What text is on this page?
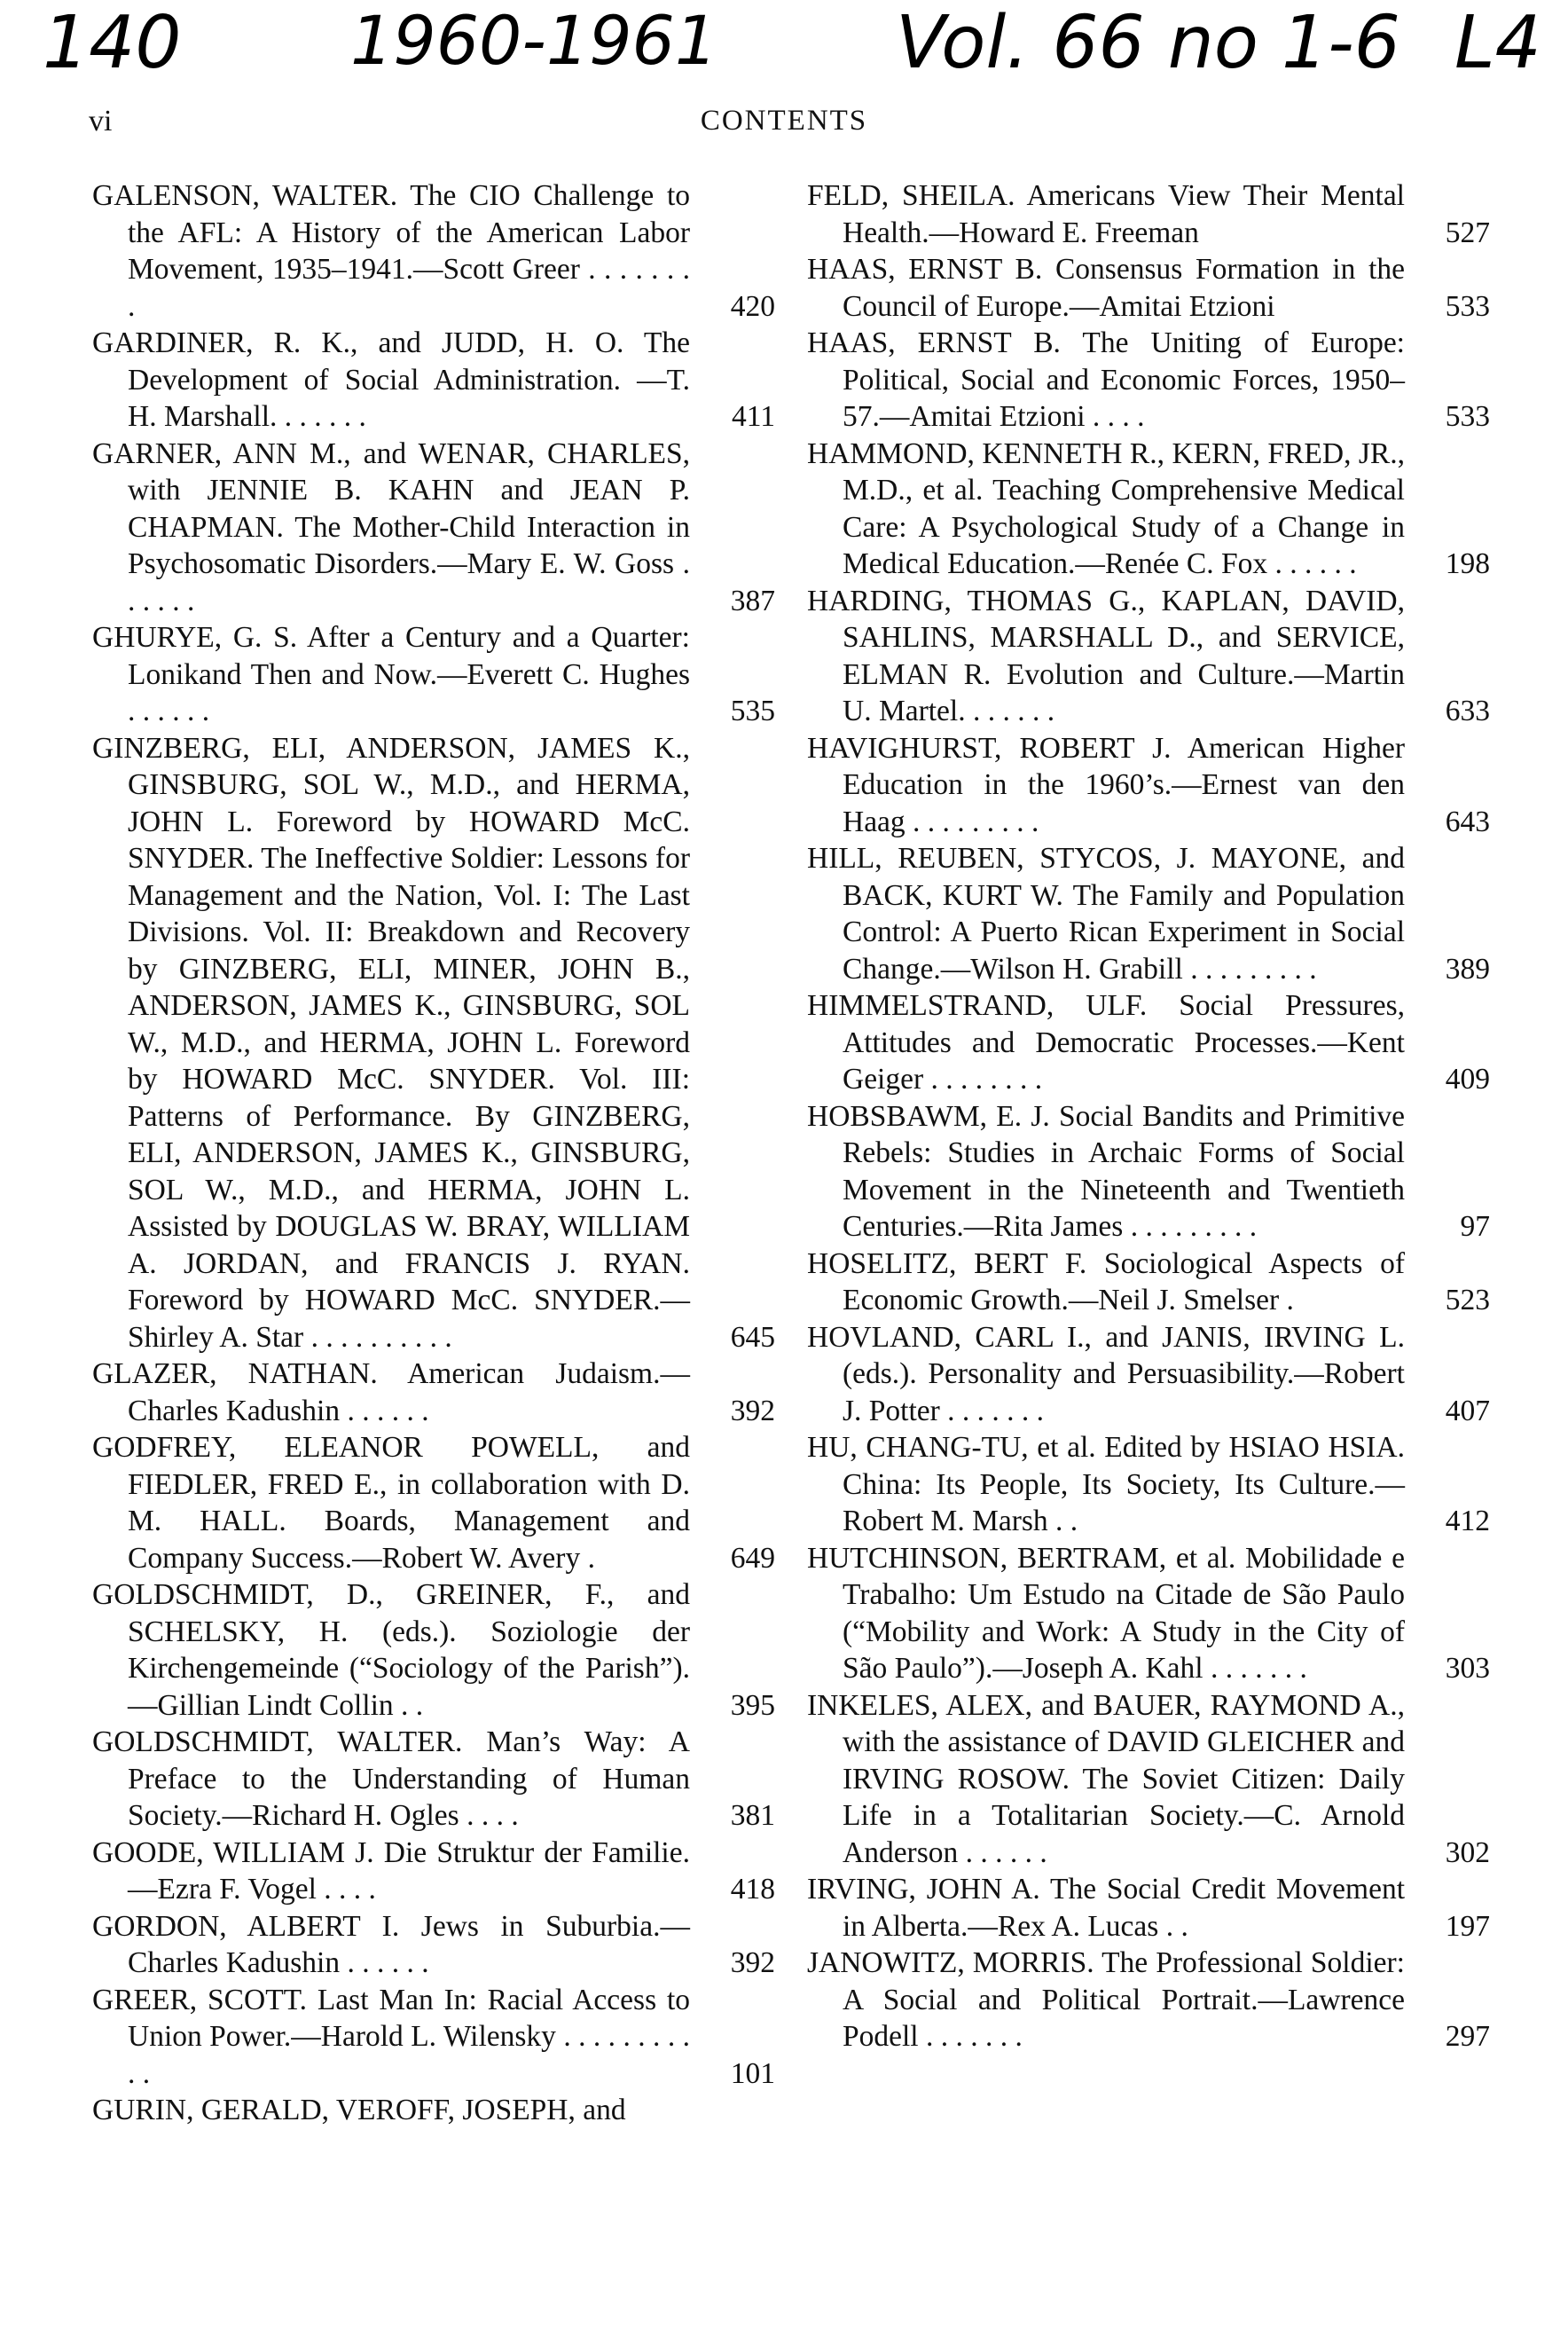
140	1960-1961 Vol. 66 no 1-6 L4
vi	CONTENTS
GALENSON, WALTER. The CIO Challenge to the AFL: A History of the American Labor Movement, 1935–1941.—Scott Greer . . . . . . . .	420
GARDINER, R. K., and JUDD, H. O. The Development of Social Administration. —T. H. Marshall. . . . . . .	411
GARNER, ANN M., and WENAR, CHARLES, with JENNIE B. KAHN and JEAN P. CHAPMAN. The Mother-Child Interaction in Psychosomatic Disorders.—Mary E. W. Goss . . . . . .	387
GHURYE, G. S. After a Century and a Quarter: Lonikand Then and Now.—Everett C. Hughes . . . . . .	535
GINZBERG, ELI, ANDERSON, JAMES K., GINSBURG, SOL W., M.D., and HERMA, JOHN L. Foreword by HOWARD McC. SNYDER. The Ineffective Soldier: Lessons for Management and the Nation, Vol. I: The Last Divisions. Vol. II: Breakdown and Recovery by GINZBERG, ELI, MINER, JOHN B., ANDERSON, JAMES K., GINSBURG, SOL W., M.D., and HERMA, JOHN L. Foreword by HOWARD McC. SNYDER. Vol. III: Patterns of Performance. By GINZBERG, ELI, ANDERSON, JAMES K., GINSBURG, SOL W., M.D., and HERMA, JOHN L. Assisted by DOUGLAS W. BRAY, WILLIAM A. JORDAN, and FRANCIS J. RYAN. Foreword by HOWARD McC. SNYDER.—Shirley A. Star . . . . . . . . . .	645
GLAZER, NATHAN. American Judaism.—Charles Kadushin . . . . . .	392
GODFREY, ELEANOR POWELL, and FIEDLER, FRED E., in collaboration with D. M. HALL. Boards, Management and Company Success.—Robert W. Avery .	649
GOLDSCHMIDT, D., GREINER, F., and SCHELSKY, H. (eds.). Soziologie der Kirchengemeinde (“Sociology of the Parish”).—Gillian Lindt Collin . .	395
GOLDSCHMIDT, WALTER. Man’s Way: A Preface to the Understanding of Human Society.—Richard H. Ogles . . . .	381
GOODE, WILLIAM J. Die Struktur der Familie.—Ezra F. Vogel . . . .	418
GORDON, ALBERT I. Jews in Suburbia.—Charles Kadushin . . . . . .	392
GREER, SCOTT. Last Man In: Racial Access to Union Power.—Harold L. Wilensky . . . . . . . . . . .	101
GURIN, GERALD, VEROFF, JOSEPH, and
FELD, SHEILA. Americans View Their Mental Health.—Howard E. Freeman	527
HAAS, ERNST B. Consensus Formation in the Council of Europe.—Amitai Etzioni	533
HAAS, ERNST B. The Uniting of Europe: Political, Social and Economic Forces, 1950–57.—Amitai Etzioni . . . .	533
HAMMOND, KENNETH R., KERN, FRED, JR., M.D., et al. Teaching Comprehensive Medical Care: A Psychological Study of a Change in Medical Education.—Renée C. Fox . . . . . .	198
HARDING, THOMAS G., KAPLAN, DAVID, SAHLINS, MARSHALL D., and SERVICE, ELMAN R. Evolution and Culture.—Martin U. Martel. . . . . . .	633
HAVIGHURST, ROBERT J. American Higher Education in the 1960’s.—Ernest van den Haag . . . . . . . . .	643
HILL, REUBEN, STYCOS, J. MAYONE, and BACK, KURT W. The Family and Population Control: A Puerto Rican Experiment in Social Change.—Wilson H. Grabill . . . . . . . . .	389
HIMMELSTRAND, ULF. Social Pressures, Attitudes and Democratic Processes.—Kent Geiger . . . . . . . .	409
HOBSBAWM, E. J. Social Bandits and Primitive Rebels: Studies in Archaic Forms of Social Movement in the Nineteenth and Twentieth Centuries.—Rita James . . . . . . . . .	97
HOSELITZ, BERT F. Sociological Aspects of Economic Growth.—Neil J. Smelser .	523
HOVLAND, CARL I., and JANIS, IRVING L. (eds.). Personality and Persuasibility.—Robert J. Potter . . . . . . .	407
HU, CHANG-TU, et al. Edited by HSIAO HSIA. China: Its People, Its Society, Its Culture.—Robert M. Marsh . .	412
HUTCHINSON, BERTRAM, et al. Mobilidade e Trabalho: Um Estudo na Citade de São Paulo (“Mobility and Work: A Study in the City of São Paulo”).—Joseph A. Kahl . . . . . . .	303
INKELES, ALEX, and BAUER, RAYMOND A., with the assistance of DAVID GLEICHER and IRVING ROSOW. The Soviet Citizen: Daily Life in a Totalitarian Society.—C. Arnold Anderson . . . . . .	302
IRVING, JOHN A. The Social Credit Movement in Alberta.—Rex A. Lucas . .	197
JANOWITZ, MORRIS. The Professional Soldier: A Social and Political Portrait.—Lawrence Podell . . . . . . .	297
